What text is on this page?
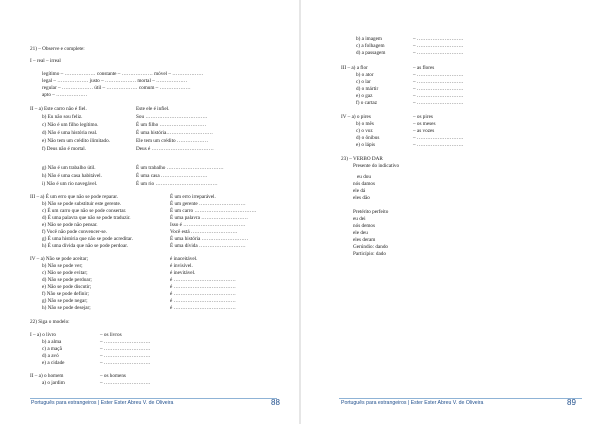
21) – Observe e complete:
I – real – irreal
legítimo – ……………… constante – ……………… móvel – ………………
legal – ……………… justo – ……………… mortal – ………………
regular – ……………… útil – ……………… comum – ………………
apto – ………………
II – a) Este carro não é fiel.	Este ele é infiel.
b) Eu não sou feliz.	Sou ………………………………
c) Não é um filho legítimo.	É um filho ………………………
d) Não é uma história real.	É uma história………………………
e) Não tem um crédito ilimitado.	Ele tem um crédito ………………
f) Deus não é mortal.	Deus é ………………………………
g) Não é um trabalho útil.	É um trabalho ……………………………
h) Não é uma casa habitável.	É uma casa ………………………
i) Não é um rio navegável.	É um rio ………………………………
III – a) É um erro que não se pode reparar.	É um erro irreparável.
b) Não se pode substituir este gerente.	É um gerente ………………………
c) É um carro que não se pode consertar.	É um carro ………………………………
d) É uma palavra que não se pode traduzir.	É uma palavra ………………………
e) Não se pode não pensar.	Isso é ………………………………
f) Você não pode convencer-se.	Você está ………………………
g) É uma história que não se pode acreditar.	É uma história ………………………
h) É uma dívida que não se pode perdoar.	É uma dívida ………………………
IV – a) Não se pode aceitar;	é inaceitável.
b) Não se pode ver;	é invisível.
c) Não se pode evitar;	é inevitável.
d) Não se pode perdoar;	é ………………………………
e) Não se pode discutir;	é ………………………………
f) Não se pode definir;	é ………………………………
g) Não se pode negar;	é ………………………………
h) Não se pode desejar;	é ………………………………
22) Siga o modelo:
I – a) o livro	– os livros
b) a alma	– ………………………
c) a maçã	– ………………………
d) a avó	– ………………………
e) a cidade	– ………………………
II – a) o homem	– os homens
a) o jardim	– ………………………
Português para estrangeiros | Ester Ester Abreu V. de Oliveira	88
b) a imagem	– ………………………
c) a folhagem	– ………………………
d) a passagem	– ………………………
III – a) a flor	– as flores
b) o ator	– ………………………
c) o lar	– ………………………
d) o mártir	– ………………………
e) o gaz	– ………………………
f) o cartaz	– ………………………
IV – a) o pires	– os pires
b) o mês	– os meses
c) o voz	– as vozes
d) o ônibus	– ………………………
e) o lápis	– ………………………
23) – VERBO DAR
Presente do indicativo
eu dou
nós damos
ele dá
eles dão
Pretérito perfeito
eu dei
nós demos
ele deu
eles deram
Gerúndio: dando
Particípio: dado
Português para estrangeiros | Ester Ester Abreu V. de Oliveira	89
